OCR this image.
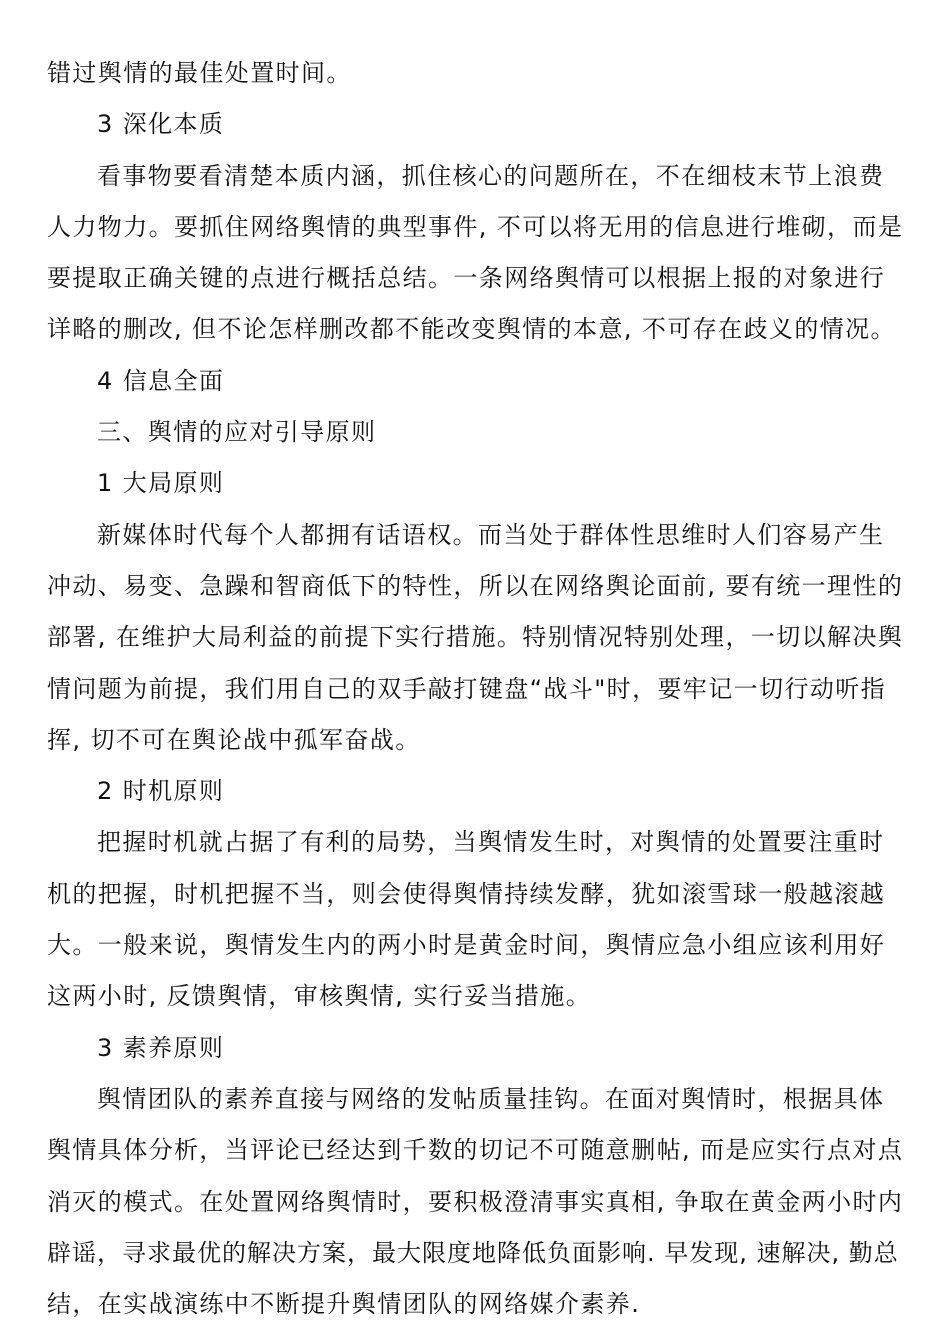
错过舆情的最佳处置时间。
3 深化本质
看事物要看清楚本质内涵，抓住核心的问题所在，不在细枝末节上浪费
人力物力。要抓住网络舆情的典型事件, 不可以将无用的信息进行堆砌，而是
要提取正确关键的点进行概括总结。一条网络舆情可以根据上报的对象进行
详略的删改, 但不论怎样删改都不能改变舆情的本意, 不可存在歧义的情况。
4 信息全面
三、舆情的应对引导原则
1 大局原则
新媒体时代每个人都拥有话语权。而当处于群体性思维时人们容易产生
冲动、易变、急躁和智商低下的特性，所以在网络舆论面前, 要有统一理性的
部署, 在维护大局利益的前提下实行措施。特别情况特别处理，一切以解决舆
情问题为前提，我们用自己的双手敲打键盘“战斗"时，要牢记一切行动听指
挥, 切不可在舆论战中孤军奋战。
2 时机原则
把握时机就占据了有利的局势，当舆情发生时，对舆情的处置要注重时
机的把握，时机把握不当，则会使得舆情持续发酵，犹如滚雪球一般越滚越
大。一般来说，舆情发生内的两小时是黄金时间，舆情应急小组应该利用好
这两小时, 反馈舆情，审核舆情, 实行妥当措施。
3 素养原则
舆情团队的素养直接与网络的发帖质量挂钩。在面对舆情时，根据具体
舆情具体分析，当评论已经达到千数的切记不可随意删帖, 而是应实行点对点
消灭的模式。在处置网络舆情时，要积极澄清事实真相, 争取在黄金两小时内
辟谣，寻求最优的解决方案，最大限度地降低负面影响. 早发现, 速解决, 勤总
结，在实战演练中不断提升舆情团队的网络媒介素养.
